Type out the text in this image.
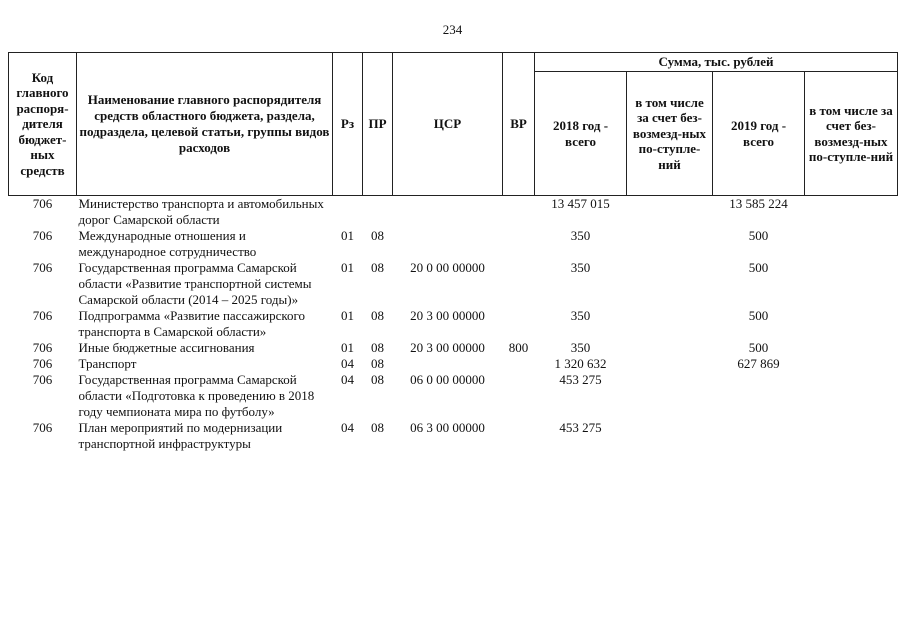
234
Код главного распоря-дителя бюджет-ных средств	Наименование главного распорядителя средств областного бюджета, раздела, подраздела, целевой статьи, группы видов расходов	Рз	ПР	ЦСР	ВР	Сумма, тыс. рублей			
						2018 год - всего	в том числе за счет без-возмезд-ных по-ступле-ний	2019 год - всего	в том числе за счет без-возмезд-ных по-ступле-ний
706	Министерство транспорта и автомобильных дорог Самарской области					13 457 015		13 585 224	
706	Международные отношения и международное сотрудничество	01	08			350		500	
706	Государственная программа Самарской области «Развитие транспортной системы Самарской области (2014 – 2025 годы)»	01	08	20 0 00 00000		350		500	
706	Подпрограмма «Развитие пассажирского транспорта в Самарской области»	01	08	20 3 00 00000		350		500	
706	Иные бюджетные ассигнования	01	08	20 3 00 00000	800	350		500	
706	Транспорт	04	08			1 320 632		627 869	
706	Государственная программа Самарской области «Подготовка к проведению в 2018 году чемпионата мира по футболу»	04	08	06 0 00 00000		453 275			
706	План мероприятий по модернизации транспортной инфраструктуры	04	08	06 3 00 00000		453 275			
